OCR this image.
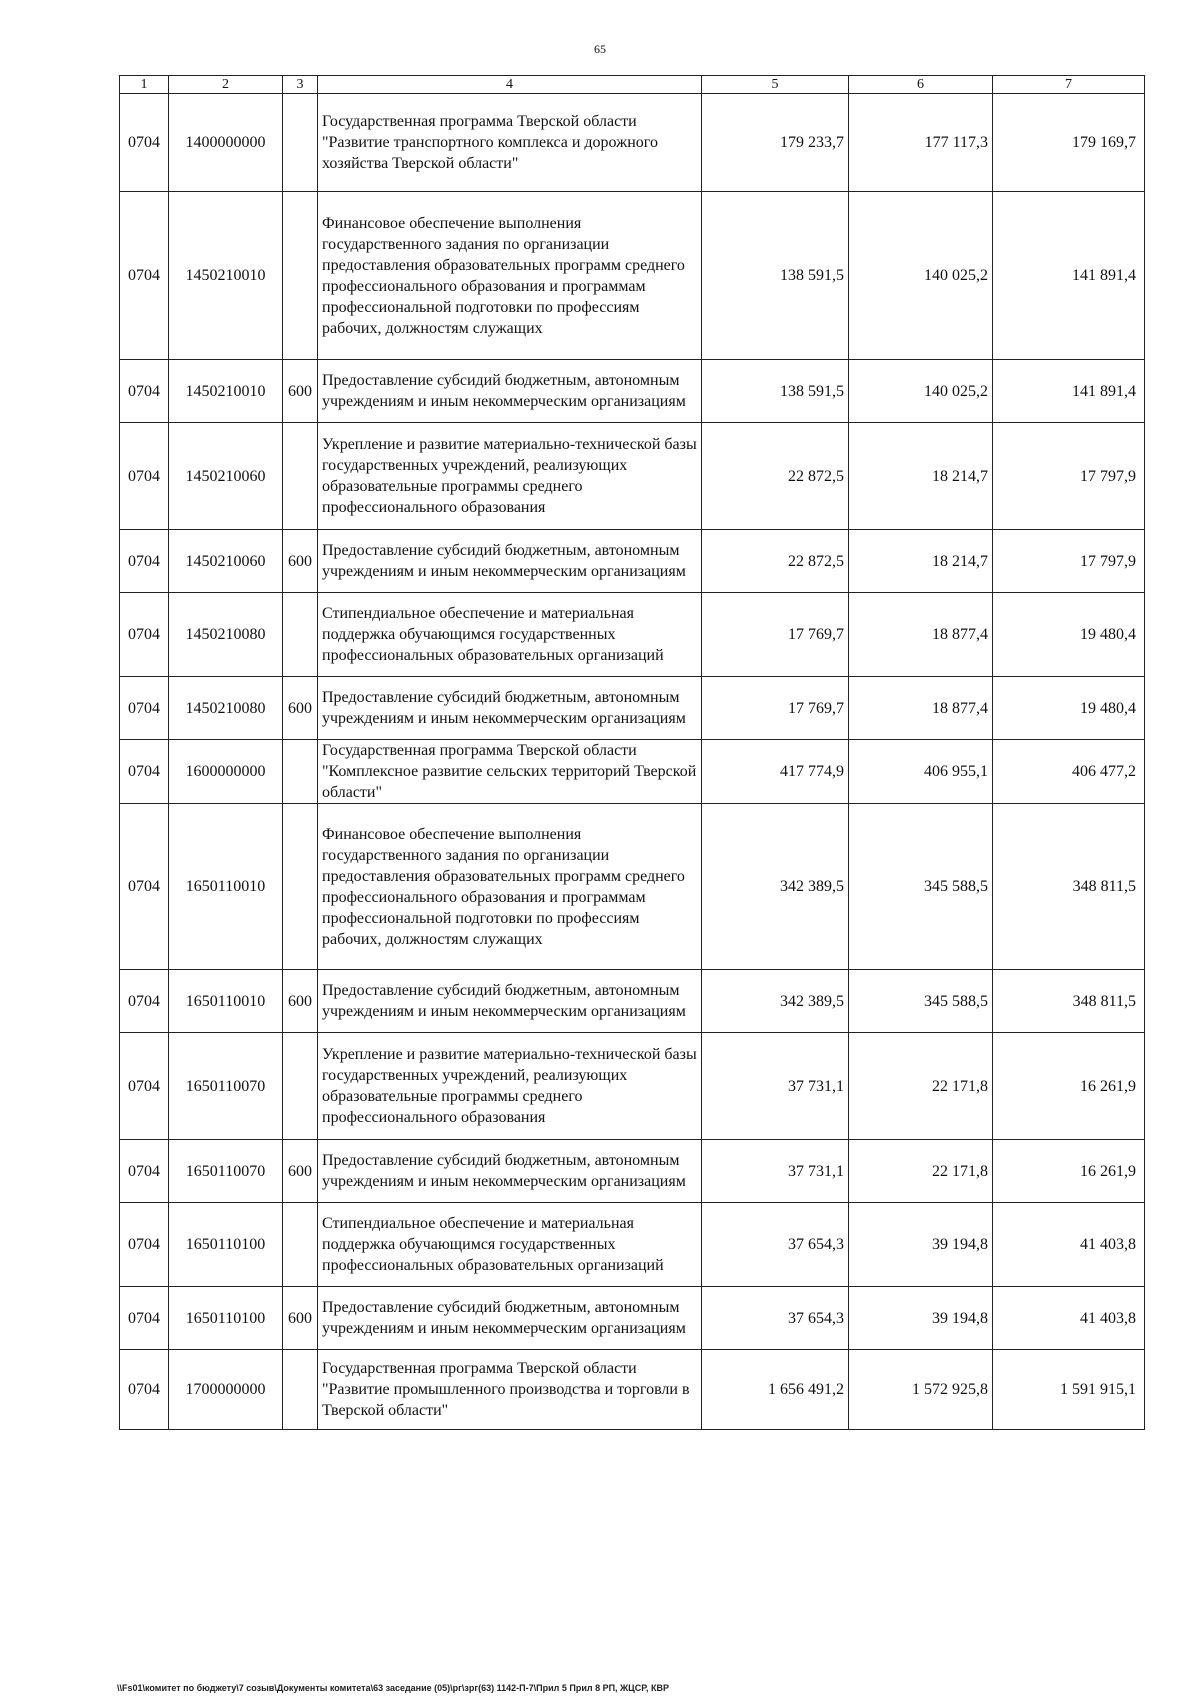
65
1	2	3	4	5	6	7
0704	1400000000		Государственная программа Тверской области "Развитие транспортного комплекса и дорожного хозяйства Тверской области"	179 233,7	177 117,3	179 169,7
0704	1450210010		Финансовое обеспечение выполнения государственного задания по организации предоставления образовательных программ среднего профессионального образования и программам профессиональной подготовки по профессиям рабочих, должностям служащих	138 591,5	140 025,2	141 891,4
0704	1450210010	600	Предоставление субсидий бюджетным, автономным учреждениям и иным некоммерческим организациям	138 591,5	140 025,2	141 891,4
0704	1450210060		Укрепление и развитие материально-технической базы государственных учреждений, реализующих образовательные программы среднего профессионального образования	22 872,5	18 214,7	17 797,9
0704	1450210060	600	Предоставление субсидий бюджетным, автономным учреждениям и иным некоммерческим организациям	22 872,5	18 214,7	17 797,9
0704	1450210080		Стипендиальное обеспечение и материальная поддержка обучающимся государственных профессиональных образовательных организаций	17 769,7	18 877,4	19 480,4
0704	1450210080	600	Предоставление субсидий бюджетным, автономным учреждениям и иным некоммерческим организациям	17 769,7	18 877,4	19 480,4
0704	1600000000		Государственная программа Тверской области "Комплексное развитие сельских территорий Тверской области"	417 774,9	406 955,1	406 477,2
0704	1650110010		Финансовое обеспечение выполнения государственного задания по организации предоставления образовательных программ среднего профессионального образования и программам профессиональной подготовки по профессиям рабочих, должностям служащих	342 389,5	345 588,5	348 811,5
0704	1650110010	600	Предоставление субсидий бюджетным, автономным учреждениям и иным некоммерческим организациям	342 389,5	345 588,5	348 811,5
0704	1650110070		Укрепление и развитие материально-технической базы государственных учреждений, реализующих образовательные программы среднего профессионального образования	37 731,1	22 171,8	16 261,9
0704	1650110070	600	Предоставление субсидий бюджетным, автономным учреждениям и иным некоммерческим организациям	37 731,1	22 171,8	16 261,9
0704	1650110100		Стипендиальное обеспечение и материальная поддержка обучающимся государственных профессиональных образовательных организаций	37 654,3	39 194,8	41 403,8
0704	1650110100	600	Предоставление субсидий бюджетным, автономным учреждениям и иным некоммерческим организациям	37 654,3	39 194,8	41 403,8
0704	1700000000		Государственная программа Тверской области "Развитие промышленного производства и торговли в Тверской области"	1 656 491,2	1 572 925,8	1 591 915,1
\\Fs01\комитет по бюджету\7 созыв\Документы комитета\63 заседание (05)\рг\зрг(63) 1142-П-7\Прил 5 Прил 8 РП, ЖЦСР, КВР
